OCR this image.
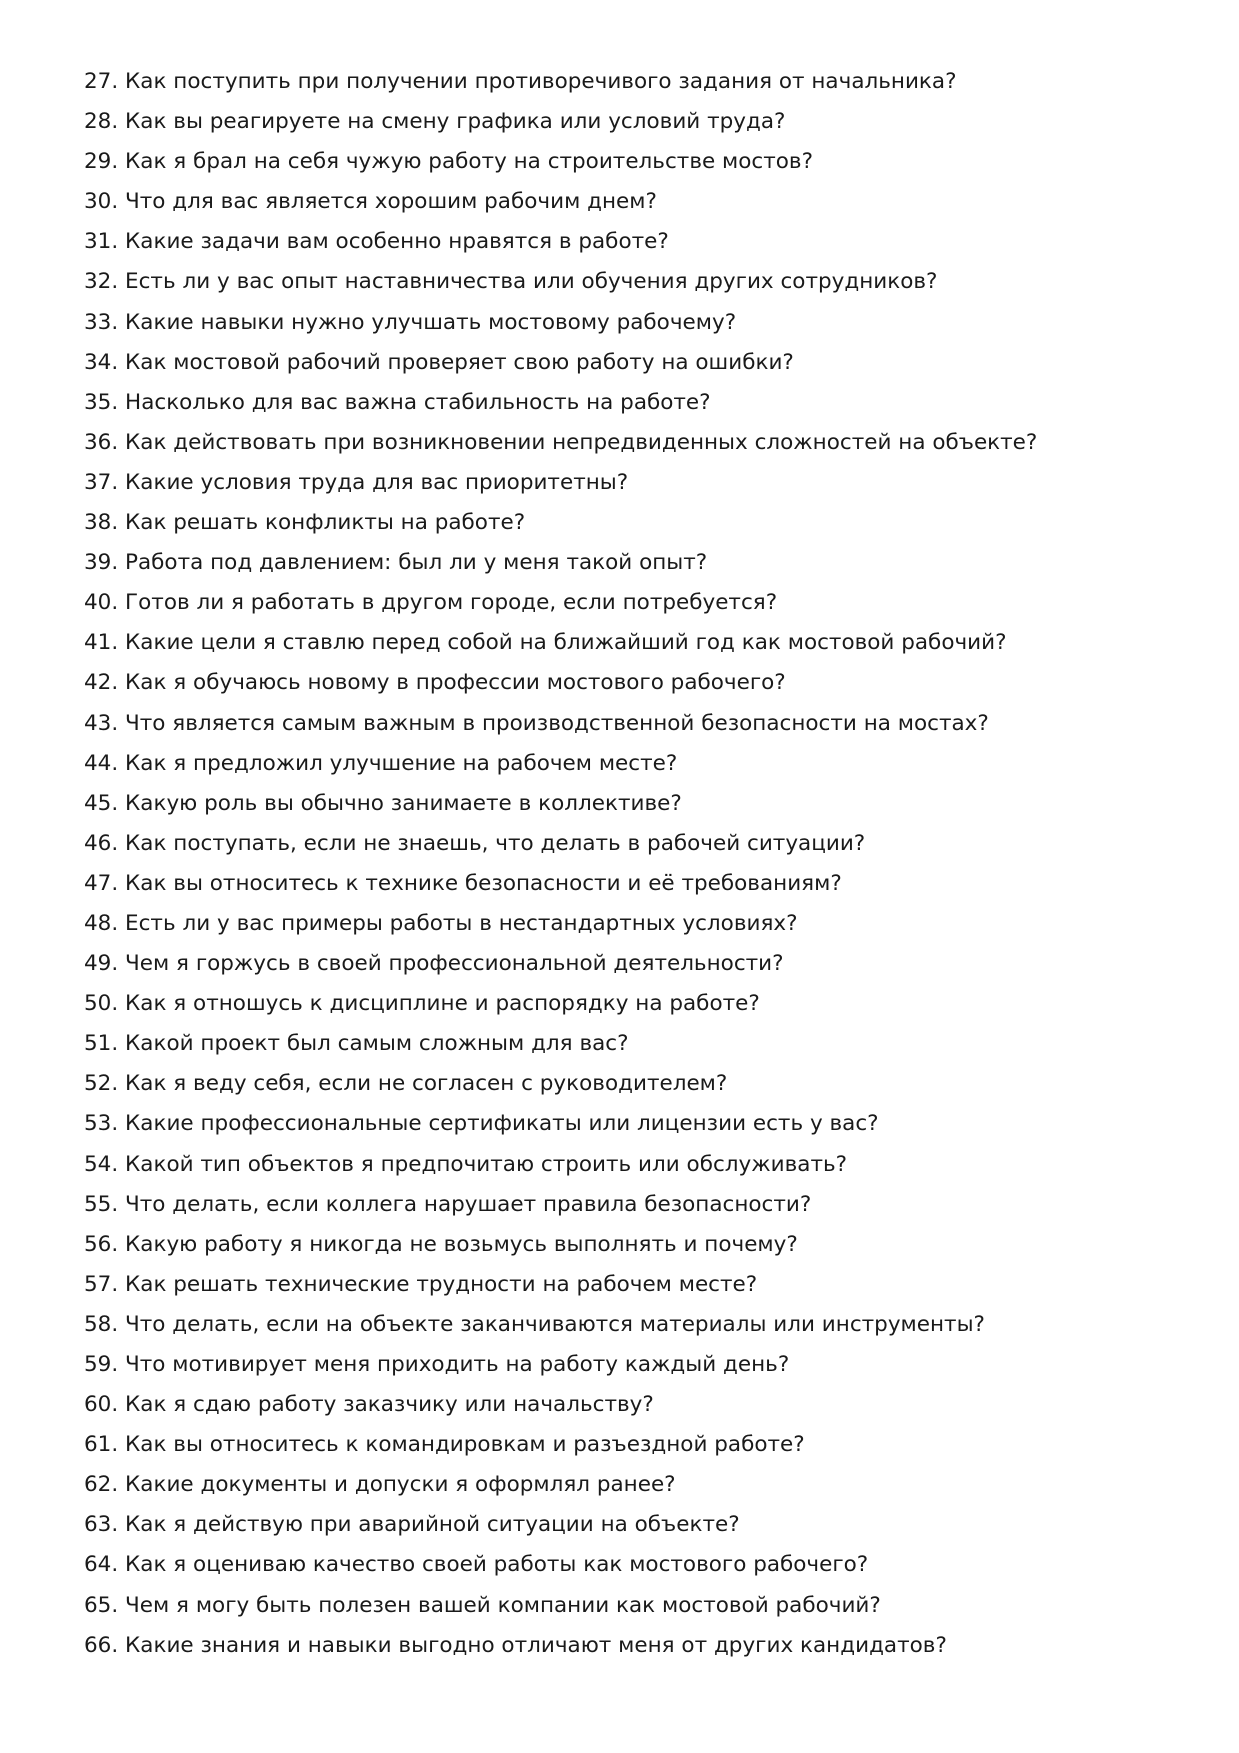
27. Как поступить при получении противоречивого задания от начальника?
28. Как вы реагируете на смену графика или условий труда?
29. Как я брал на себя чужую работу на строительстве мостов?
30. Что для вас является хорошим рабочим днем?
31. Какие задачи вам особенно нравятся в работе?
32. Есть ли у вас опыт наставничества или обучения других сотрудников?
33. Какие навыки нужно улучшать мостовому рабочему?
34. Как мостовой рабочий проверяет свою работу на ошибки?
35. Насколько для вас важна стабильность на работе?
36. Как действовать при возникновении непредвиденных сложностей на объекте?
37. Какие условия труда для вас приоритетны?
38. Как решать конфликты на работе?
39. Работа под давлением: был ли у меня такой опыт?
40. Готов ли я работать в другом городе, если потребуется?
41. Какие цели я ставлю перед собой на ближайший год как мостовой рабочий?
42. Как я обучаюсь новому в профессии мостового рабочего?
43. Что является самым важным в производственной безопасности на мостах?
44. Как я предложил улучшение на рабочем месте?
45. Какую роль вы обычно занимаете в коллективе?
46. Как поступать, если не знаешь, что делать в рабочей ситуации?
47. Как вы относитесь к технике безопасности и её требованиям?
48. Есть ли у вас примеры работы в нестандартных условиях?
49. Чем я горжусь в своей профессиональной деятельности?
50. Как я отношусь к дисциплине и распорядку на работе?
51. Какой проект был самым сложным для вас?
52. Как я веду себя, если не согласен с руководителем?
53. Какие профессиональные сертификаты или лицензии есть у вас?
54. Какой тип объектов я предпочитаю строить или обслуживать?
55. Что делать, если коллега нарушает правила безопасности?
56. Какую работу я никогда не возьмусь выполнять и почему?
57. Как решать технические трудности на рабочем месте?
58. Что делать, если на объекте заканчиваются материалы или инструменты?
59. Что мотивирует меня приходить на работу каждый день?
60. Как я сдаю работу заказчику или начальству?
61. Как вы относитесь к командировкам и разъездной работе?
62. Какие документы и допуски я оформлял ранее?
63. Как я действую при аварийной ситуации на объекте?
64. Как я оцениваю качество своей работы как мостового рабочего?
65. Чем я могу быть полезен вашей компании как мостовой рабочий?
66. Какие знания и навыки выгодно отличают меня от других кандидатов?
